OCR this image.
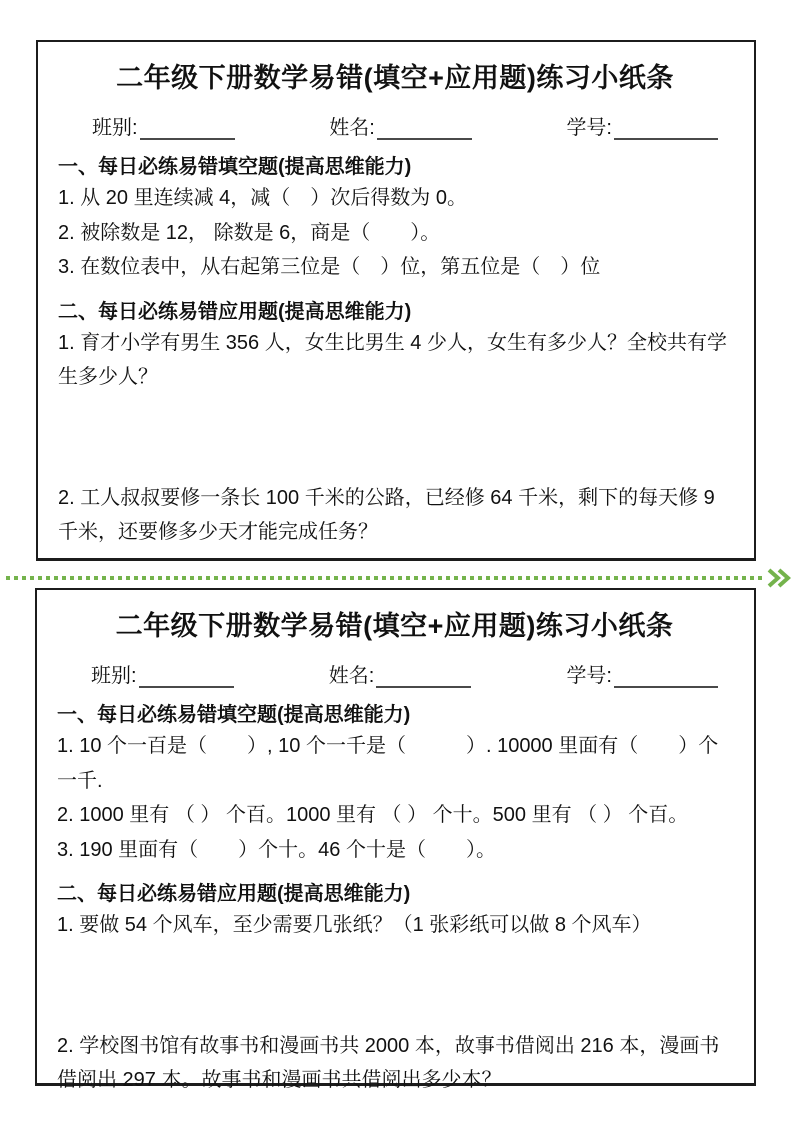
二年级下册数学易错(填空+应用题)练习小纸条
班别:	姓名:	学号:

一、每日必练易错填空题(提高思维能力)

1. 从 20 里连续减 4，减（　）次后得数为 0。

2. 被除数是 12， 除数是 6，商是（　　）。

3. 在数位表中，从右起第三位是（　）位，第五位是（　）位

二、每日必练易错应用题(提高思维能力)

1. 育才小学有男生 356 人，女生比男生 4 少人，女生有多少人？全校共有学生多少人？

2. 工人叔叔要修一条长 100 千米的公路，已经修 64 千米，剩下的每天修 9 千米，还要修多少天才能完成任务？

二年级下册数学易错(填空+应用题)练习小纸条
班别:	姓名:	学号:

一、每日必练易错填空题(提高思维能力)

1. 10 个一百是（　　）, 10 个一千是（　　　）. 10000 里面有（　　）个一千.

2. 1000 里有 （ ） 个百。1000 里有 （ ） 个十。500 里有 （ ） 个百。

3. 190 里面有（　　）个十。46 个十是（　　）。

二、每日必练易错应用题(提高思维能力)

1. 要做 54 个风车，至少需要几张纸？（1 张彩纸可以做 8 个风车）

2. 学校图书馆有故事书和漫画书共 2000 本，故事书借阅出 216 本，漫画书借阅出 297 本。故事书和漫画书共借阅出多少本？
